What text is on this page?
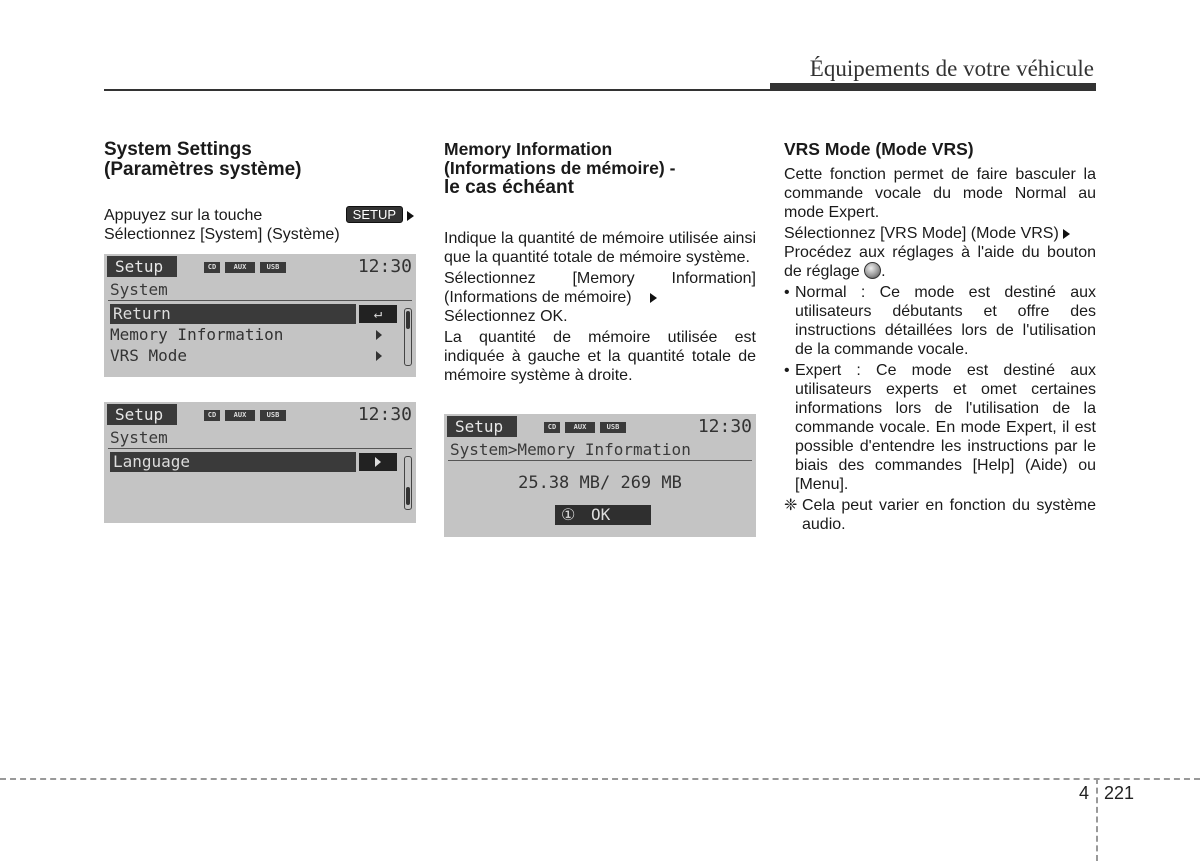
Équipements de votre véhicule

System Settings

(Paramètres système)

Appuyez sur la touche	SETUP

Sélectionnez [System] (Système)

Setup	CD	AUX	USB	12:30
System
Return	↵
Memory Information
VRS Mode
Setup	CD	AUX	USB	12:30
System
Language

Memory Information

(Informations de mémoire) -

le cas échéant

Indique la quantité de mémoire utilisée ainsi que la quantité totale de mémoire système.

Sélectionnez [Memory Information] (Informations de mémoire)

Sélectionnez OK.

La quantité de mémoire utilisée est indiquée à gauche et la quantité totale de mémoire système à droite.

Setup	CD	AUX	USB	12:30
System>Memory Information
25.38 MB/ 269 MB
① OK

VRS Mode (Mode VRS)

Cette fonction permet de faire basculer la commande vocale du mode Normal au mode Expert.

Sélectionnez [VRS Mode] (Mode VRS)

Procédez aux réglages à l'aide du bouton de réglage .

• Normal : Ce mode est destiné aux utilisateurs débutants et offre des instructions détaillées lors de l'utilisation de la commande vocale.

• Expert : Ce mode est destiné aux utilisateurs experts et omet certaines informations lors de l'utilisation de la commande vocale. En mode Expert, il est possible d'entendre les instructions par le biais des commandes [Help] (Aide) ou [Menu].

❈ Cela peut varier en fonction du système audio.

4 221
